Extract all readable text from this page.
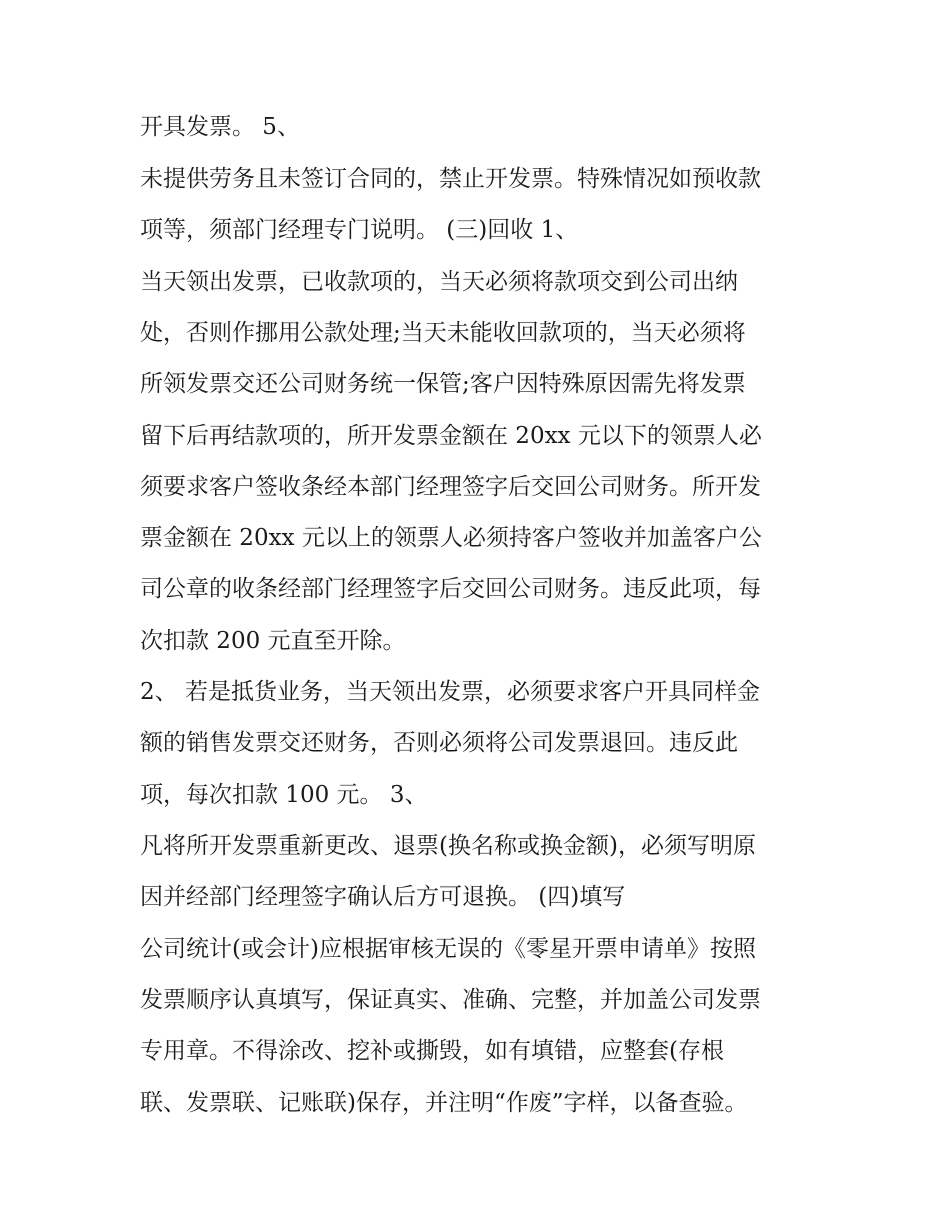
开具发票。 5、
未提供劳务且未签订合同的，禁止开发票。特殊情况如预收款
项等，须部门经理专门说明。 (三)回收 1、
当天领出发票，已收款项的，当天必须将款项交到公司出纳
处，否则作挪用公款处理;当天未能收回款项的，当天必须将
所领发票交还公司财务统一保管;客户因特殊原因需先将发票
留下后再结款项的，所开发票金额在 20xx 元以下的领票人必
须要求客户签收条经本部门经理签字后交回公司财务。所开发
票金额在 20xx 元以上的领票人必须持客户签收并加盖客户公
司公章的收条经部门经理签字后交回公司财务。违反此项，每
次扣款 200 元直至开除。
2、 若是抵货业务，当天领出发票，必须要求客户开具同样金
额的销售发票交还财务，否则必须将公司发票退回。违反此
项，每次扣款 100 元。 3、
凡将所开发票重新更改、退票(换名称或换金额)，必须写明原
因并经部门经理签字确认后方可退换。 (四)填写
公司统计(或会计)应根据审核无误的《零星开票申请单》按照
发票顺序认真填写，保证真实、准确、完整，并加盖公司发票
专用章。不得涂改、挖补或撕毁，如有填错，应整套(存根
联、发票联、记账联)保存，并注明“作废”字样，以备查验。
